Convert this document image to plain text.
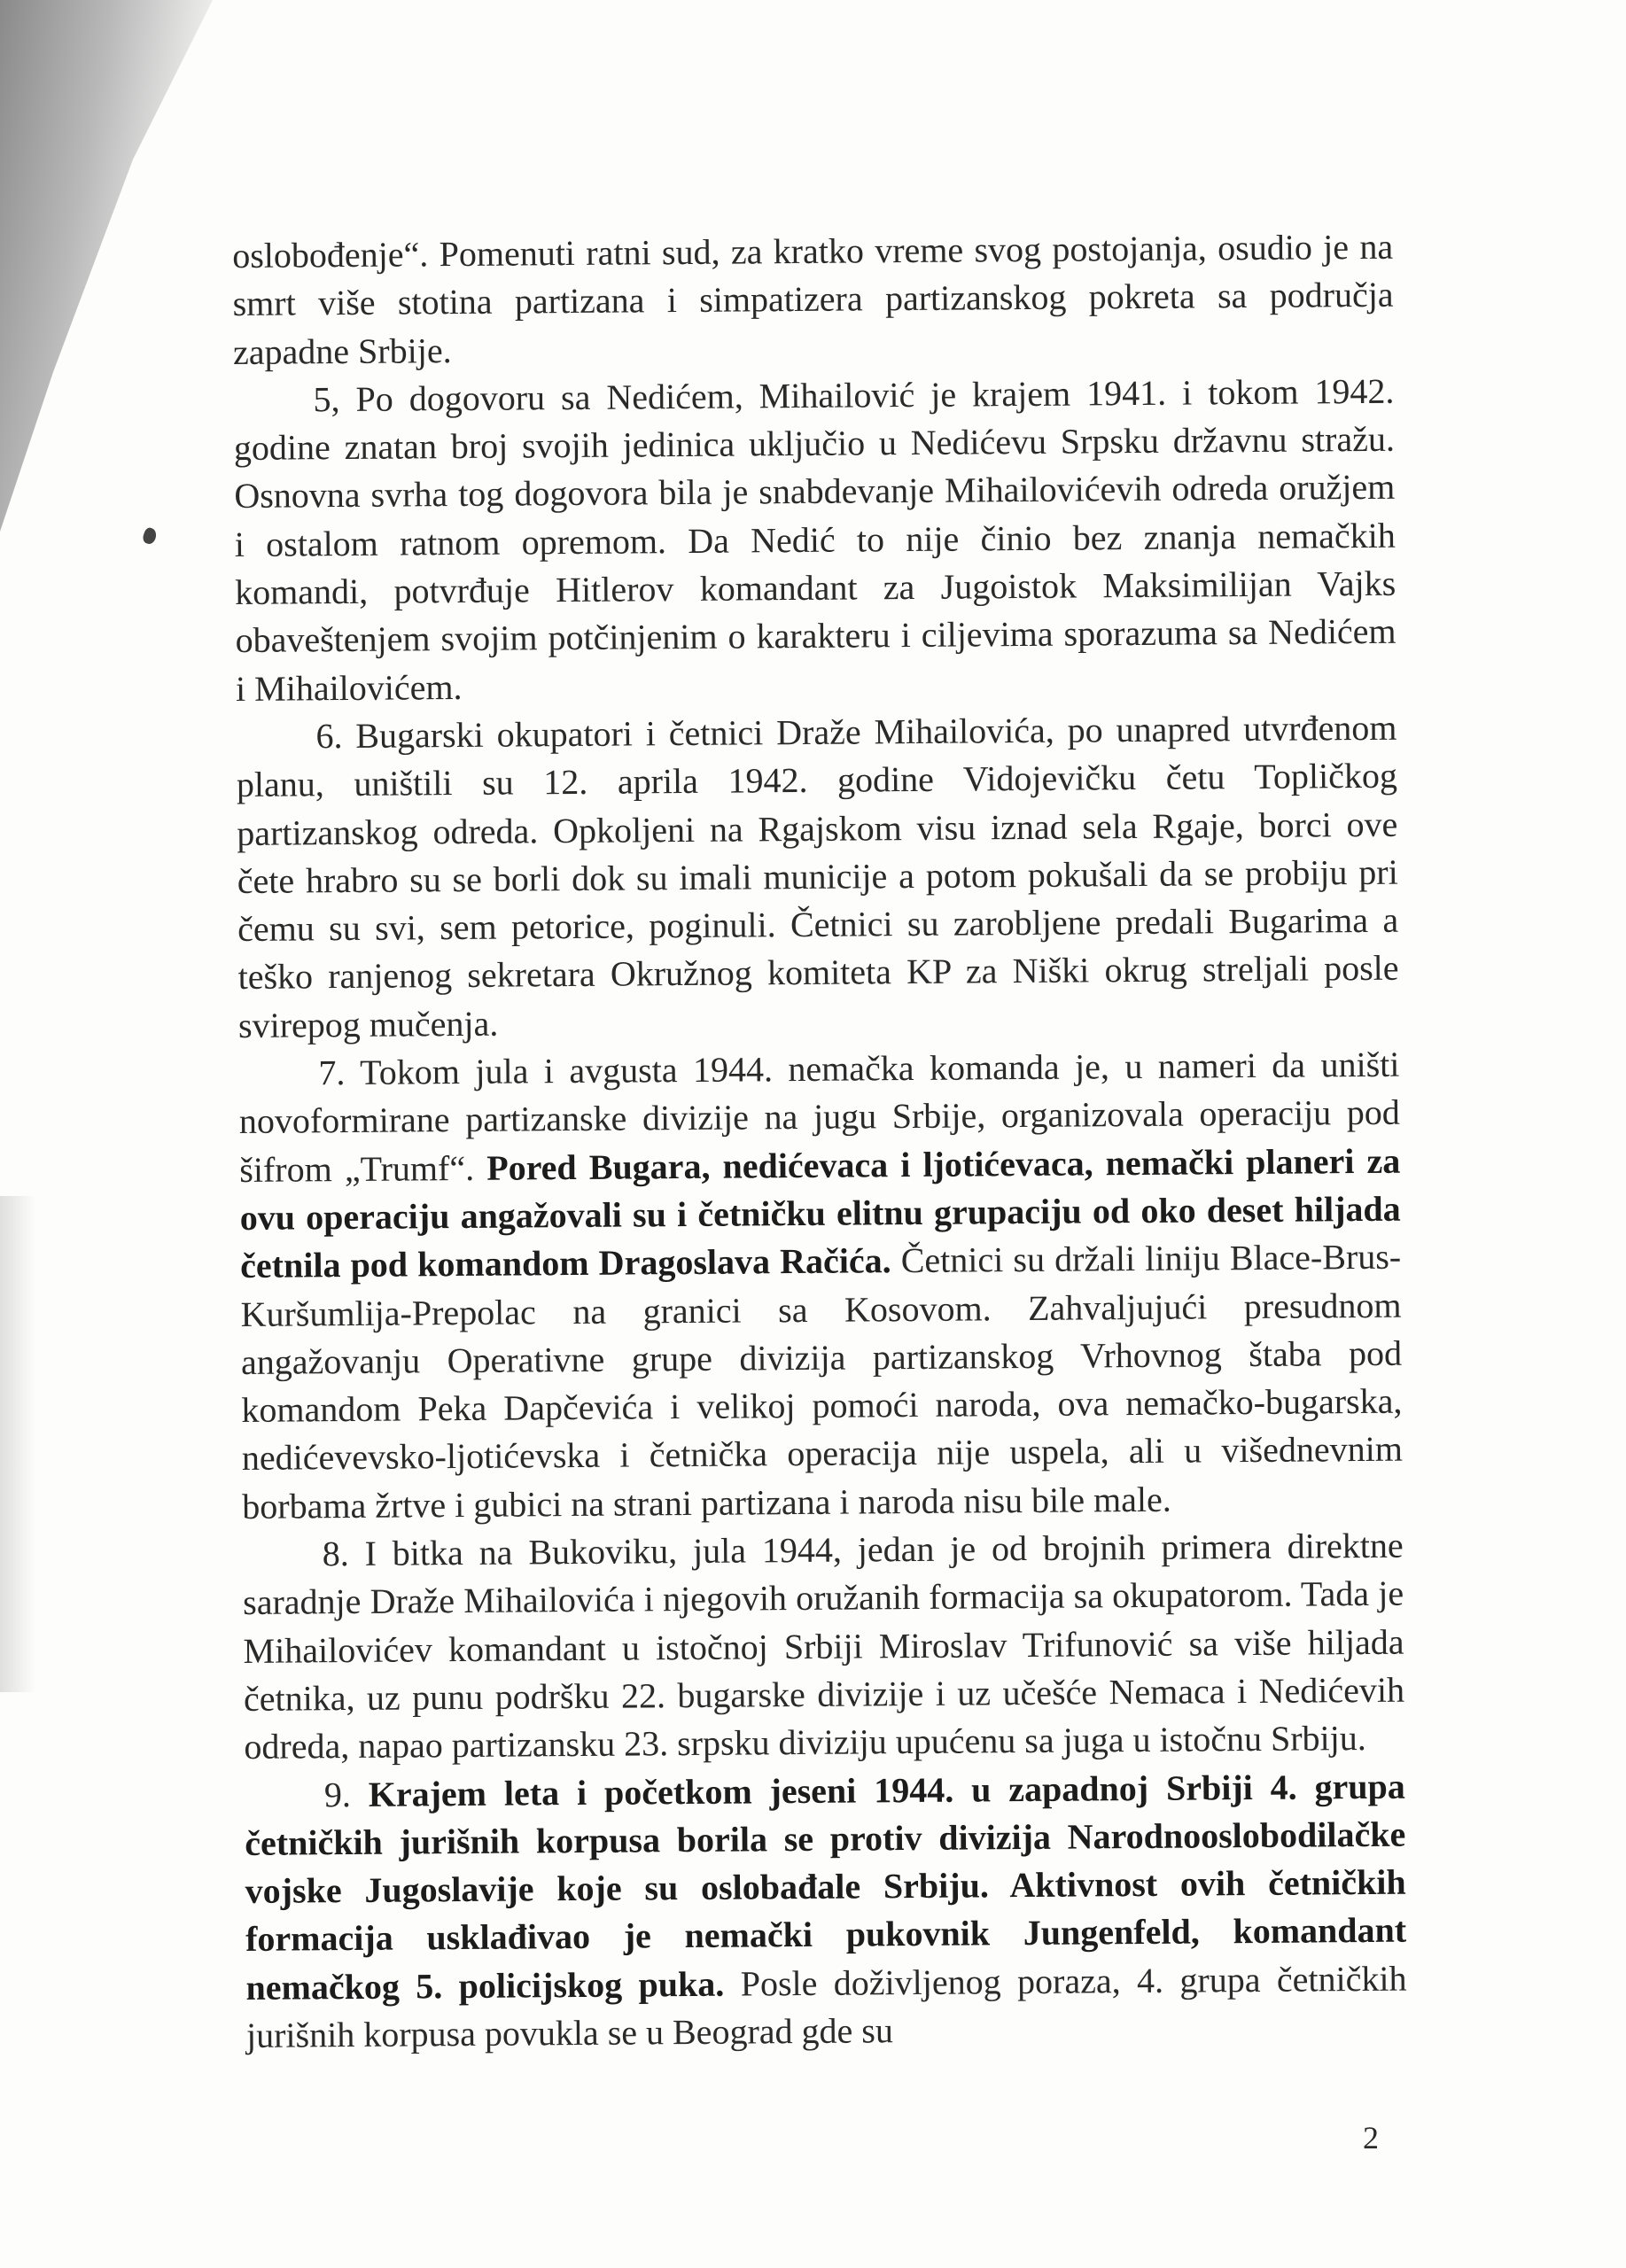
oslobođenje“. Pomenuti ratni sud, za kratko vreme svog postojanja, osudio je na smrt više stotina partizana i simpatizera partizanskog pokreta sa područja zapadne Srbije.

5, Po dogovoru sa Nedićem, Mihailović je krajem 1941. i tokom 1942. godine znatan broj svojih jedinica uključio u Nedićevu Srpsku državnu stražu. Osnovna svrha tog dogovora bila je snabdevanje Mihailovićevih odreda oružjem i ostalom ratnom opremom. Da Nedić to nije činio bez znanja nemačkih komandi, potvrđuje Hitlerov komandant za Jugoistok Maksimilijan Vajks obaveštenjem svojim potčinjenim o karakteru i ciljevima sporazuma sa Nedićem i Mihailovićem.

6. Bugarski okupatori i četnici Draže Mihailovića, po unapred utvrđenom planu, uništili su 12. aprila 1942. godine Vidojevičku četu Topličkog partizanskog odreda. Opkoljeni na Rgajskom visu iznad sela Rgaje, borci ove čete hrabro su se borli dok su imali municije a potom pokušali da se probiju pri čemu su svi, sem petorice, poginuli. Četnici su zarobljene predali Bugarima a teško ranjenog sekretara Okružnog komiteta KP za Niški okrug streljali posle svirepog mučenja.

7. Tokom jula i avgusta 1944. nemačka komanda je, u nameri da uništi novoformirane partizanske divizije na jugu Srbije, organizovala operaciju pod šifrom „Trumf“. Pored Bugara, nedićevaca i ljotićevaca, nemački planeri za ovu operaciju angažovali su i četničku elitnu grupaciju od oko deset hiljada četnila pod komandom Dragoslava Račića. Četnici su držali liniju Blace-Brus-Kuršumlija-Prepolac na granici sa Kosovom. Zahvaljujući presudnom angažovanju Operativne grupe divizija partizanskog Vrhovnog štaba pod komandom Peka Dapčevića i velikoj pomoći naroda, ova nemačko-bugarska, nedićevevsko-ljotićevska i četnička operacija nije uspela, ali u višednevnim borbama žrtve i gubici na strani partizana i naroda nisu bile male.

8. I bitka na Bukoviku, jula 1944, jedan je od brojnih primera direktne saradnje Draže Mihailovića i njegovih oružanih formacija sa okupatorom. Tada je Mihailovićev komandant u istočnoj Srbiji Miroslav Trifunović sa više hiljada četnika, uz punu podršku 22. bugarske divizije i uz učešće Nemaca i Nedićevih odreda, napao partizansku 23. srpsku diviziju upućenu sa juga u istočnu Srbiju.

9. Krajem leta i početkom jeseni 1944. u zapadnoj Srbiji 4. grupa četničkih jurišnih korpusa borila se protiv divizija Narodnooslobodilačke vojske Jugoslavije koje su oslobađale Srbiju. Aktivnost ovih četničkih formacija usklađivao je nemački pukovnik Jungenfeld, komandant nemačkog 5. policijskog puka. Posle doživljenog poraza, 4. grupa četničkih jurišnih korpusa povukla se u Beograd gde su

2
